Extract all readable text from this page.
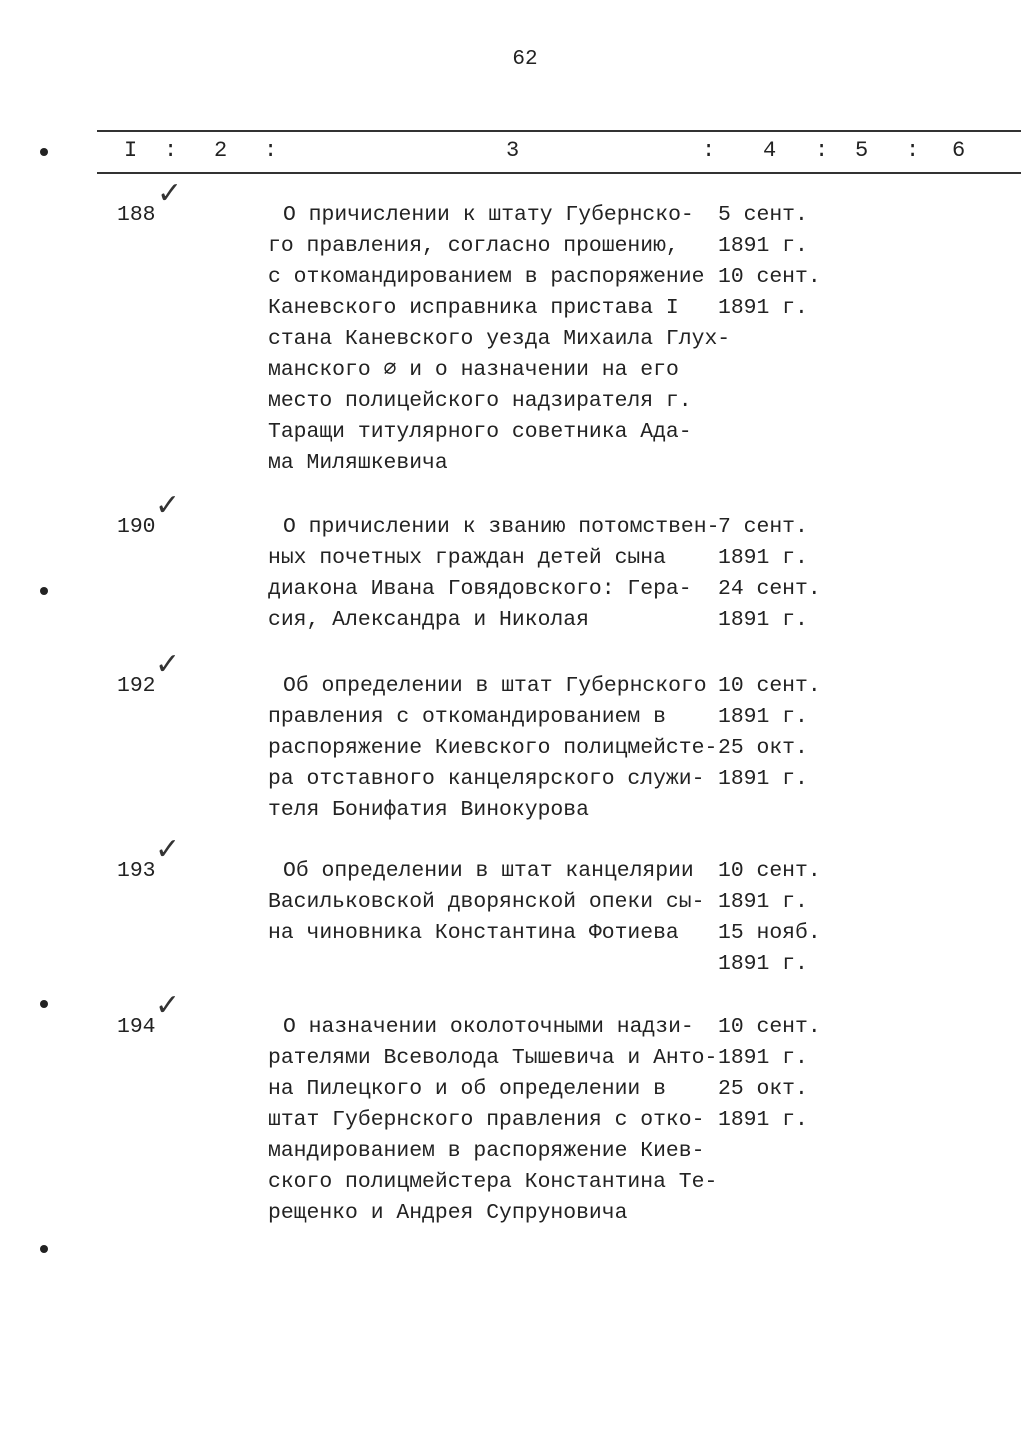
62
I : 2 :	3	: 4 : 5 : 6
188
✓
О причислении к штату Губернско-
го правления, согласно прошению,
с откомандированием в распоряжение
Каневского исправника пристава I
стана Каневского уезда Михаила Глух-
манского ∅ и о назначении на его
место полицейского надзирателя г.
Таращи титулярного советника Ада-
ма Миляшкевича
5 сент.
1891 г.
10 сент.
1891 г.
190
✓
О причислении к званию потомствен-
ных почетных граждан детей сына
диакона Ивана Говядовского: Гера-
сия, Александра и Николая
7 сент.
1891 г.
24 сент.
1891 г.
192
✓
Об определении в штат Губернского
правления с откомандированием в
распоряжение Киевского полицмейсте-
ра отставного канцелярского служи-
теля Бонифатия Винокурова
10 сент.
1891 г.
25 окт.
1891 г.
193
✓
Об определении в штат канцелярии
Васильковской дворянской опеки сы-
на чиновника Константина Фотиева
10 сент.
1891 г.
15 нояб.
1891 г.
194
✓
О назначении околоточными надзи-
рателями Всеволода Тышевича и Анто-
на Пилецкого и об определении в
штат Губернского правления с отко-
мандированием в распоряжение Киев-
ского полицмейстера Константина Те-
рещенко и Андрея Супруновича
10 сент.
1891 г.
25 окт.
1891 г.
